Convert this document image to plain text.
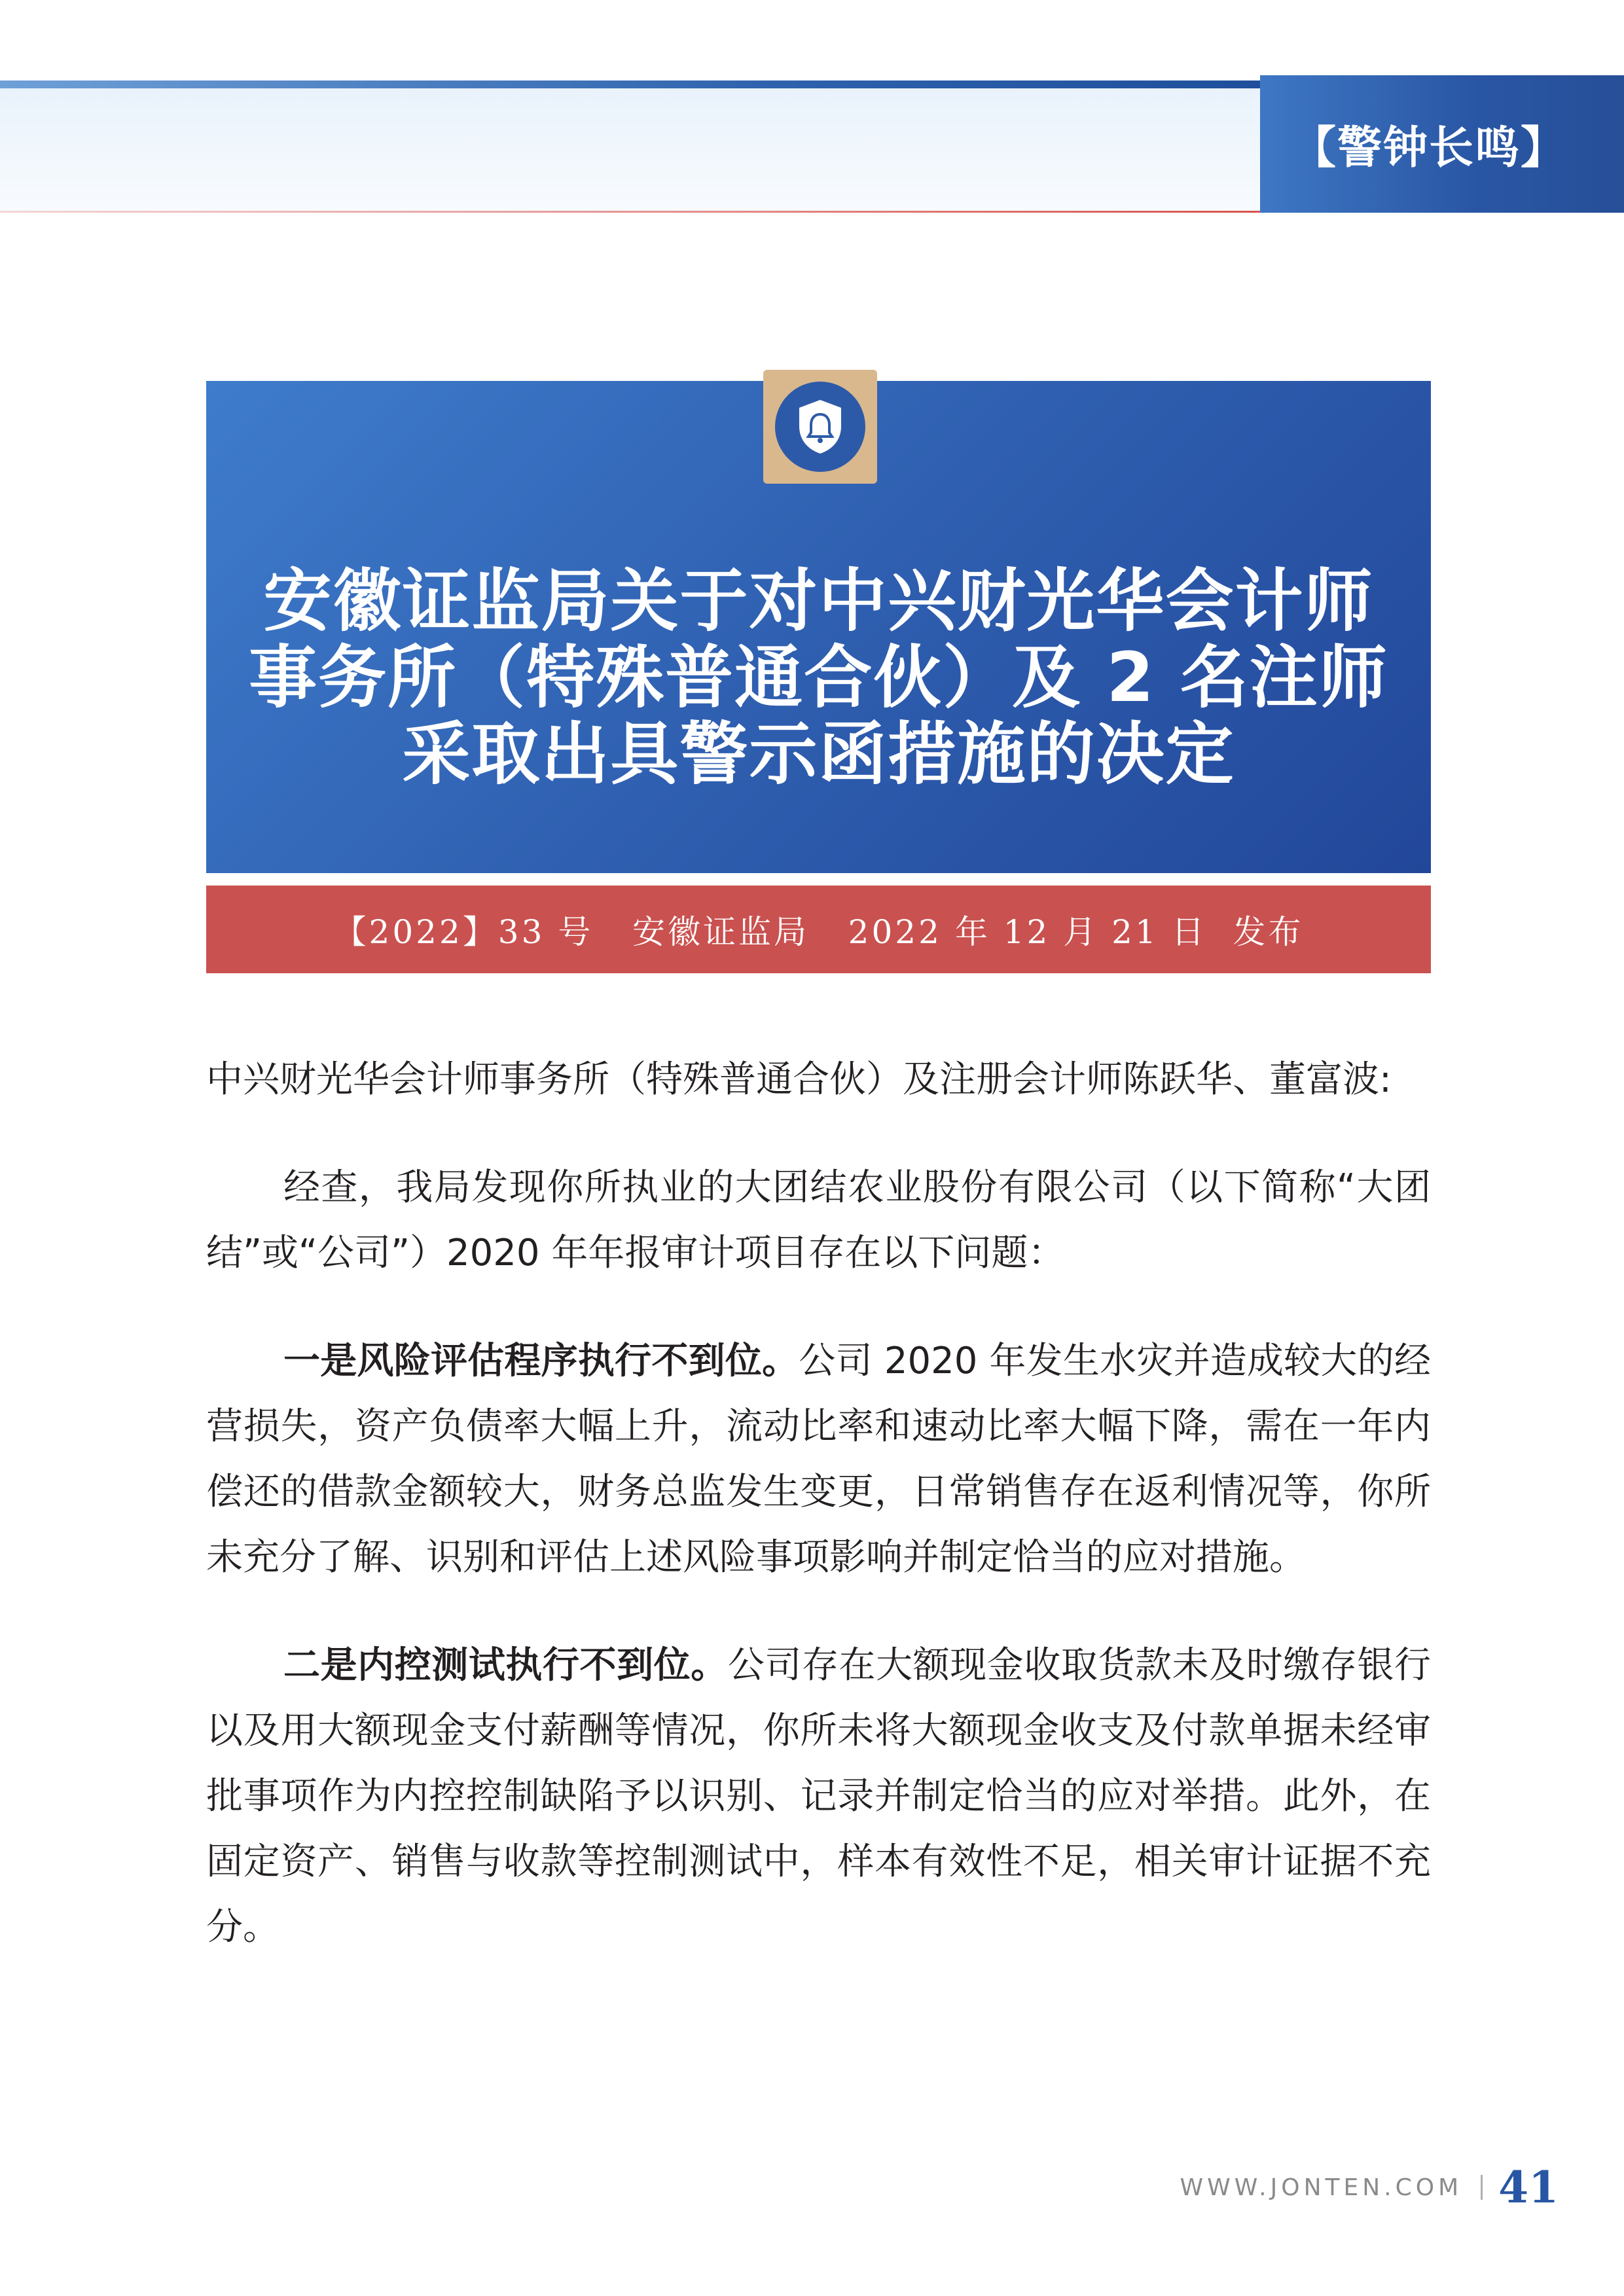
【警钟长鸣】
安徽证监局关于对中兴财光华会计师
事务所（特殊普通合伙）及 2 名注师
采取出具警示函措施的决定
【2022】33 号   安徽证监局   2022 年 12 月 21 日  发布

中兴财光华会计师事务所（特殊普通合伙）及注册会计师陈跃华、董富波:

经查，我局发现你所执业的大团结农业股份有限公司（以下简称“大团结”或“公司”）2020 年年报审计项目存在以下问题：

一是风险评估程序执行不到位。公司 2020 年发生水灾并造成较大的经营损失，资产负债率大幅上升，流动比率和速动比率大幅下降，需在一年内偿还的借款金额较大，财务总监发生变更，日常销售存在返利情况等，你所未充分了解、识别和评估上述风险事项影响并制定恰当的应对措施。

二是内控测试执行不到位。公司存在大额现金收取货款未及时缴存银行以及用大额现金支付薪酬等情况，你所未将大额现金收支及付款单据未经审批事项作为内控控制缺陷予以识别、记录并制定恰当的应对举措。此外，在固定资产、销售与收款等控制测试中，样本有效性不足，相关审计证据不充分。

WWW.JONTEN.COM 41
